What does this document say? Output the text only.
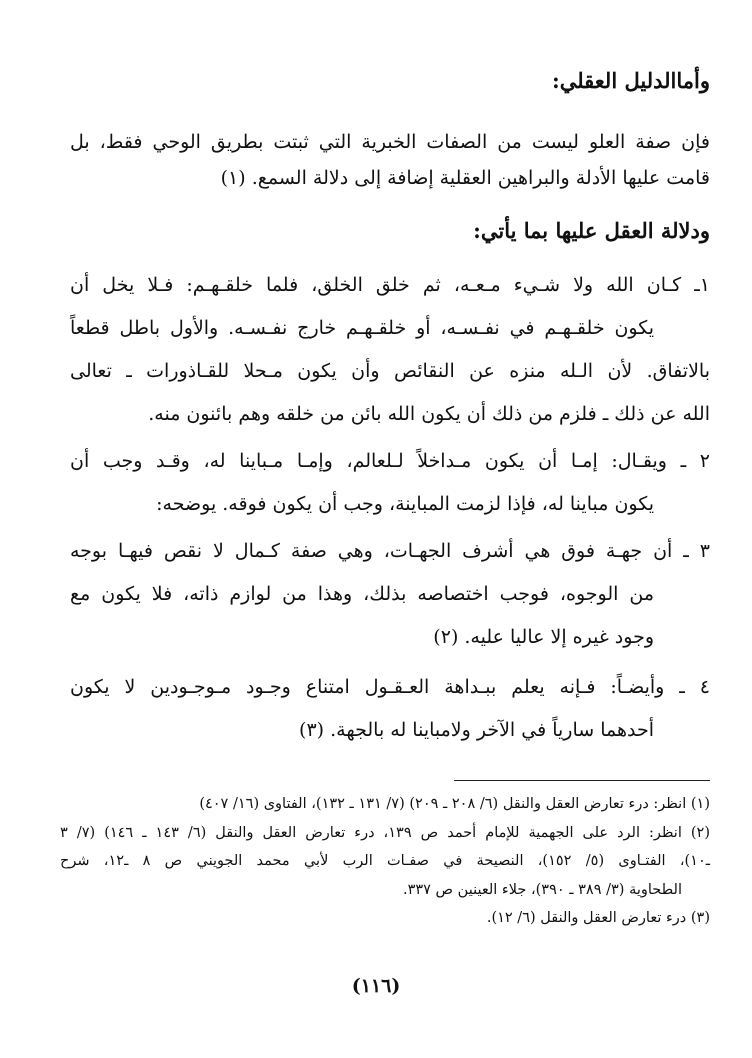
وأماالدليل العقلي:
فإن صفة العلو ليست من الصفات الخبرية التي ثبتت بطريق الوحي فقط، بل
قامت عليها الأدلة والبراهين العقلية إضافة إلى دلالة السمع. (١)
ودلالة العقل عليها بما يأتي:
١ـ كـان الله ولا شـيء مـعـه، ثم خلق الخلق، فلما خلقـهـم: فـلا يخل أن
يكون خلقـهـم في نفـسـه، أو خلقـهـم خارج نفـسـه. والأول باطل قطعاً
بالاتفاق. لأن الـله منزه عن النقائص وأن يكون مـحلا للقـاذورات ـ تعالى
الله عن ذلك ـ فلزم من ذلك أن يكون الله بائن من خلقه وهم بائنون منه.
٢ ـ ويقـال: إمـا أن يكون مـداخلاً لـلعالم، وإمـا مـباينا له، وقـد وجب أن
يكون مباينا له، فإذا لزمت المباينة، وجب أن يكون فوقه. يوضحه:
٣ ـ أن جهـة فوق هي أشرف الجهـات، وهي صفة كـمال لا نقص فيهـا بوجه
من الوجوه، فوجب اختصاصه بذلك، وهذا من لوازم ذاته، فلا يكون مع
وجود غيره إلا عاليا عليه. (٢)
٤ ـ وأيضـاً: فـإنه يعلم ببـداهة العـقـول امتناع وجـود مـوجـودين لا يكون
أحدهما سارياً في الآخر ولامباينا له بالجهة. (٣)
(١) انظر: درء تعارض العقل والنقل (٦/ ٢٠٨ ـ ٢٠٩) (٧/ ١٣١ ـ ١٣٢)، الفتاوى (١٦/ ٤٠٧)
(٢) انظر: الرد على الجهمية للإمام أحمد ص ١٣٩، درء تعارض العقل والنقل (٦/ ١٤٣ ـ ١٤٦) (٧/ ٣
ـ١٠)، الفتـاوى (٥/ ١٥٢)، النصيحة في صفـات الرب لأبي محمد الجويني ص ٨ ـ١٢، شرح
الطحاوية (٣/ ٣٨٩ ـ ٣٩٠)، جلاء العينين ص ٣٣٧.
(٣) درء تعارض العقل والنقل (٦/ ١٢).
(١١٦)
